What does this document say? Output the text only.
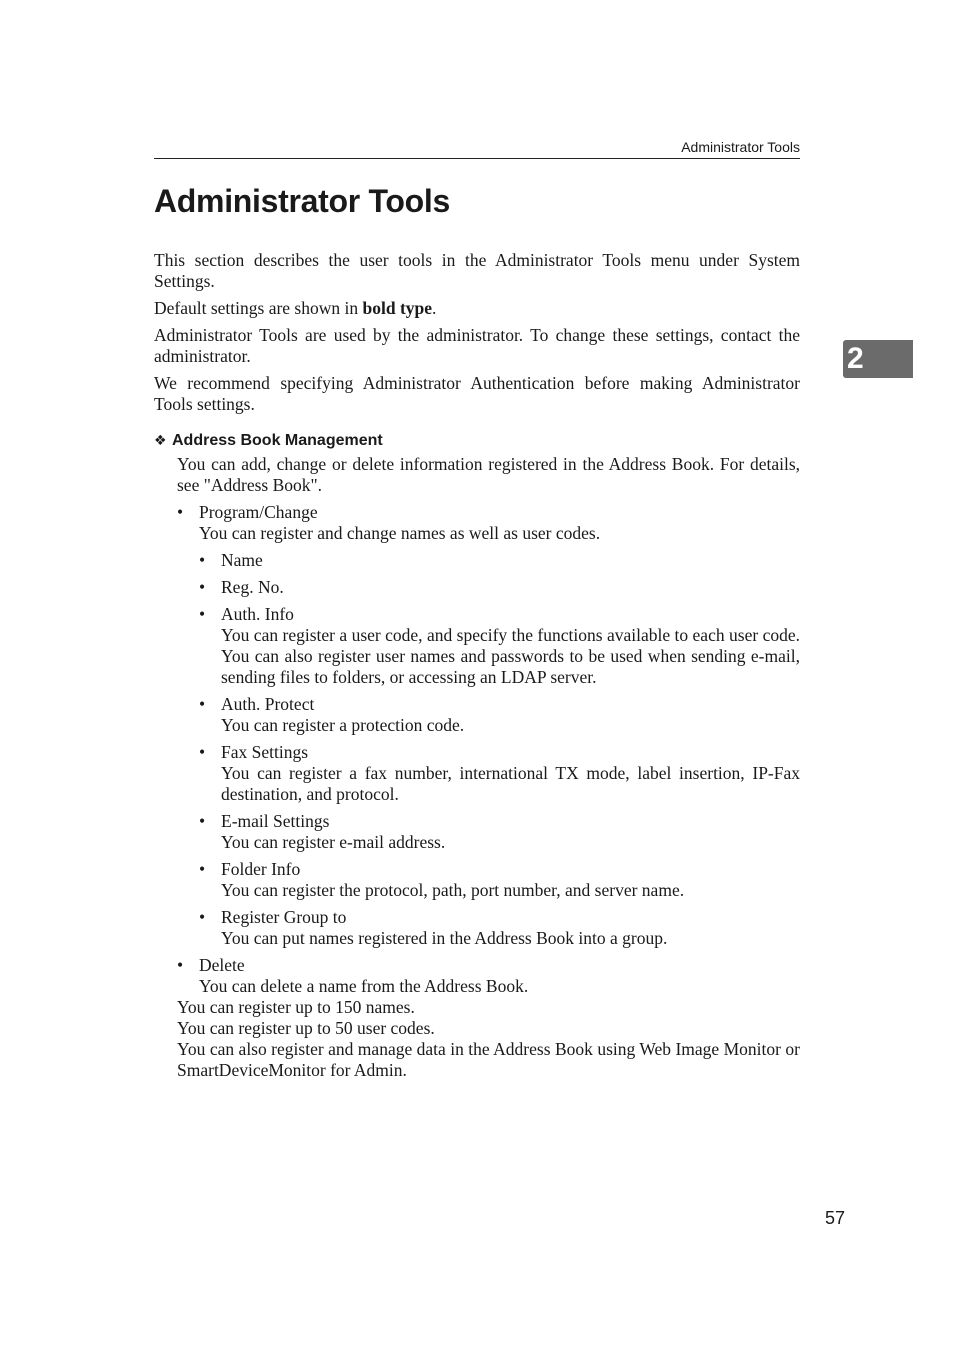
Administrator Tools
Administrator Tools
2

This section describes the user tools in the Administrator Tools menu under System Settings.

Default settings are shown in bold type.

Administrator Tools are used by the administrator. To change these settings, contact the administrator.

We recommend specifying Administrator Authentication before making Administrator Tools settings.

❖ Address Book Management

You can add, change or delete information registered in the Address Book. For details, see "Address Book".

• Program/Change
You can register and change names as well as user codes.
• Name
• Reg. No.
• Auth. Info
You can register a user code, and specify the functions available to each user code. You can also register user names and passwords to be used when sending e-mail, sending files to folders, or accessing an LDAP server.
• Auth. Protect
You can register a protection code.
• Fax Settings
You can register a fax number, international TX mode, label insertion, IP-Fax destination, and protocol.
• E-mail Settings
You can register e-mail address.
• Folder Info
You can register the protocol, path, port number, and server name.
• Register Group to
You can put names registered in the Address Book into a group.
• Delete
You can delete a name from the Address Book.
You can register up to 150 names.
You can register up to 50 user codes.

You can also register and manage data in the Address Book using Web Image Monitor or SmartDeviceMonitor for Admin.

57
